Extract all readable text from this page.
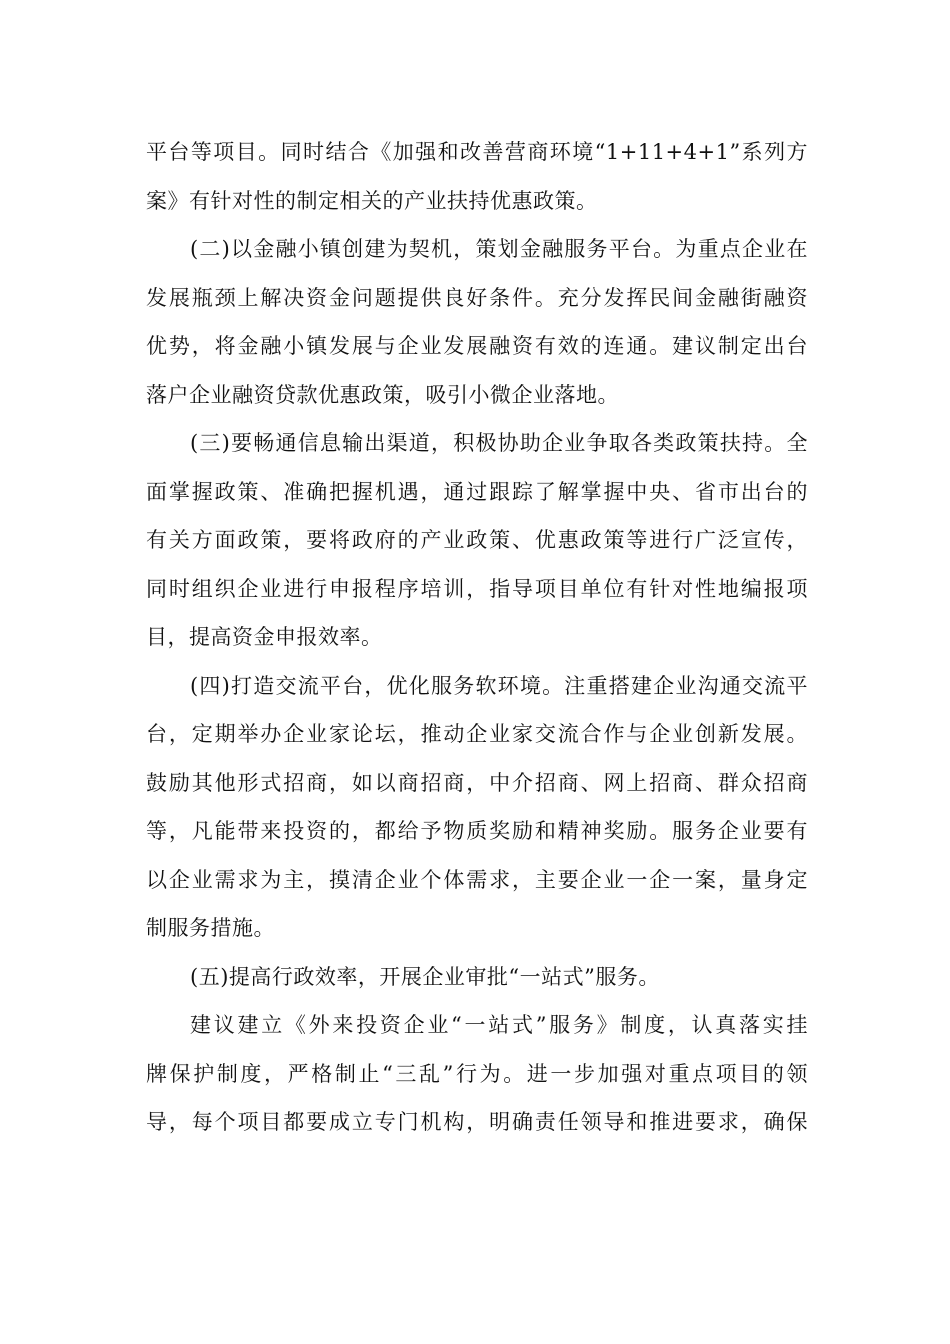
平台等项目。同时结合《加强和改善营商环境“1+11+4+1”系列方
案》有针对性的制定相关的产业扶持优惠政策。
(二)以金融小镇创建为契机，策划金融服务平台。为重点企业在
发展瓶颈上解决资金问题提供良好条件。充分发挥民间金融街融资
优势，将金融小镇发展与企业发展融资有效的连通。建议制定出台
落户企业融资贷款优惠政策，吸引小微企业落地。
(三)要畅通信息输出渠道，积极协助企业争取各类政策扶持。全
面掌握政策、准确把握机遇，通过跟踪了解掌握中央、省市出台的
有关方面政策，要将政府的产业政策、优惠政策等进行广泛宣传，
同时组织企业进行申报程序培训，指导项目单位有针对性地编报项
目，提高资金申报效率。
(四)打造交流平台，优化服务软环境。注重搭建企业沟通交流平
台，定期举办企业家论坛，推动企业家交流合作与企业创新发展。
鼓励其他形式招商，如以商招商，中介招商、网上招商、群众招商
等，凡能带来投资的，都给予物质奖励和精神奖励。服务企业要有
以企业需求为主，摸清企业个体需求，主要企业一企一案，量身定
制服务措施。
(五)提高行政效率，开展企业审批“一站式”服务。
建议建立《外来投资企业“一站式”服务》制度，认真落实挂
牌保护制度，严格制止“三乱”行为。进一步加强对重点项目的领
导，每个项目都要成立专门机构，明确责任领导和推进要求，确保
